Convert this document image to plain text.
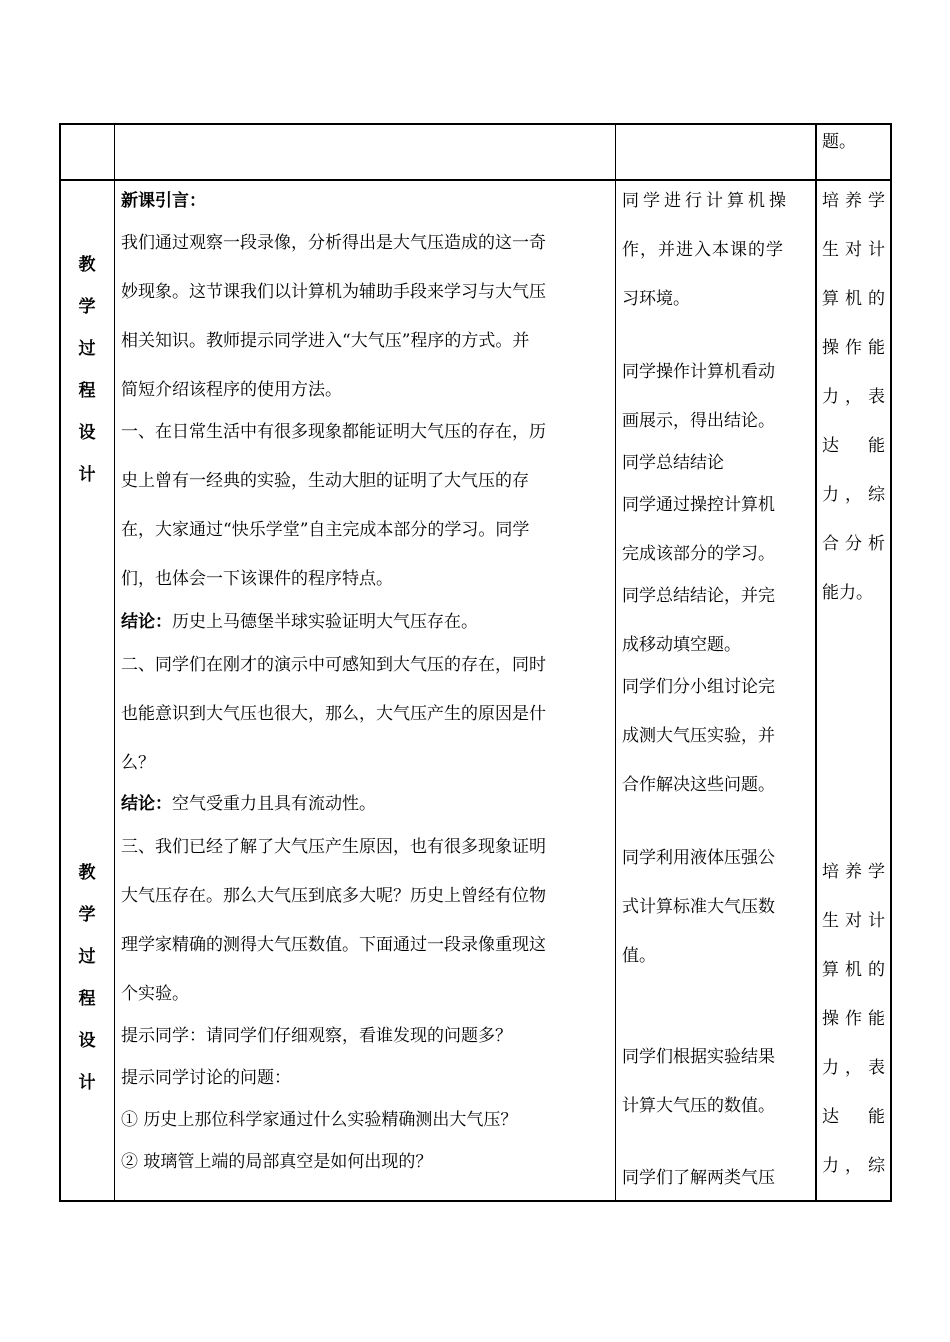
题。
教
学
过
程
设
计
教
学
过
程
设
计
新课引言：
我们通过观察一段录像，分析得出是大气压造成的这一奇
妙现象。这节课我们以计算机为辅助手段来学习与大气压
相关知识。教师提示同学进入“大气压”程序的方式。并
简短介绍该程序的使用方法。
一、在日常生活中有很多现象都能证明大气压的存在，历
史上曾有一经典的实验，生动大胆的证明了大气压的存
在，大家通过“快乐学堂”自主完成本部分的学习。同学
们，也体会一下该课件的程序特点。
结论：历史上马德堡半球实验证明大气压存在。
二、同学们在刚才的演示中可感知到大气压的存在，同时
也能意识到大气压也很大，那么，大气压产生的原因是什
么？
结论：空气受重力且具有流动性。
三、我们已经了解了大气压产生原因，也有很多现象证明
大气压存在。那么大气压到底多大呢？历史上曾经有位物
理学家精确的测得大气压数值。下面通过一段录像重现这
个实验。
提示同学：请同学们仔细观察，看谁发现的问题多？
提示同学讨论的问题：
① 历史上那位科学家通过什么实验精确测出大气压？
② 玻璃管上端的局部真空是如何出现的？
同学进行计算机操
作，并进入本课的学
习环境。
同学操作计算机看动
画展示，得出结论。
同学总结结论
同学通过操控计算机
完成该部分的学习。
同学总结结论，并完
成移动填空题。
同学们分小组讨论完
成测大气压实验，并
合作解决这些问题。
同学利用液体压强公
式计算标准大气压数
值。
同学们根据实验结果
计算大气压的数值。
同学们了解两类气压
培养学
生对计
算机的
操作能
力，表
达　能
力，综
合分析
能力。
培养学
生对计
算机的
操作能
力，表
达　能
力，综
